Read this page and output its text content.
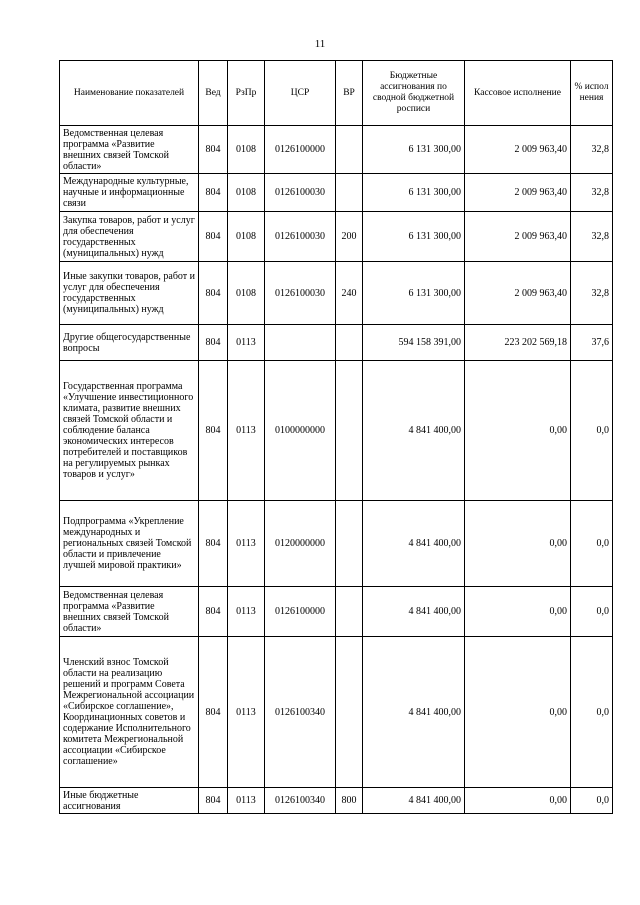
11
Наименование показателей	Вед	РзПр	ЦСР	ВР	Бюджетные ассигнования по сводной бюджетной росписи	Кассовое исполнение	% испол нения
Ведомственная целевая программа «Развитие внешних связей Томской области»	804	0108	0126100000		6 131 300,00	2 009 963,40	32,8
Международные культурные, научные и информационные связи	804	0108	0126100030		6 131 300,00	2 009 963,40	32,8
Закупка товаров, работ и услуг для обеспечения государственных (муниципальных) нужд	804	0108	0126100030	200	6 131 300,00	2 009 963,40	32,8
Иные закупки товаров, работ и услуг для обеспечения государственных (муниципальных) нужд	804	0108	0126100030	240	6 131 300,00	2 009 963,40	32,8
Другие общегосударственные вопросы	804	0113			594 158 391,00	223 202 569,18	37,6
Государственная программа «Улучшение инвестиционного климата, развитие внешних связей Томской области и соблюдение баланса экономических интересов потребителей и поставщиков на регулируемых рынках товаров и услуг»	804	0113	0100000000		4 841 400,00	0,00	0,0
Подпрограмма «Укрепление международных и региональных связей Томской области и привлечение лучшей мировой практики»	804	0113	0120000000		4 841 400,00	0,00	0,0
Ведомственная целевая программа «Развитие внешних связей Томской области»	804	0113	0126100000		4 841 400,00	0,00	0,0
Членский взнос Томской области на реализацию решений и программ Совета Межрегиональной ассоциации «Сибирское соглашение», Координационных советов и содержание Исполнительного комитета Межрегиональной ассоциации «Сибирское соглашение»	804	0113	0126100340		4 841 400,00	0,00	0,0
Иные бюджетные ассигнования	804	0113	0126100340	800	4 841 400,00	0,00	0,0
